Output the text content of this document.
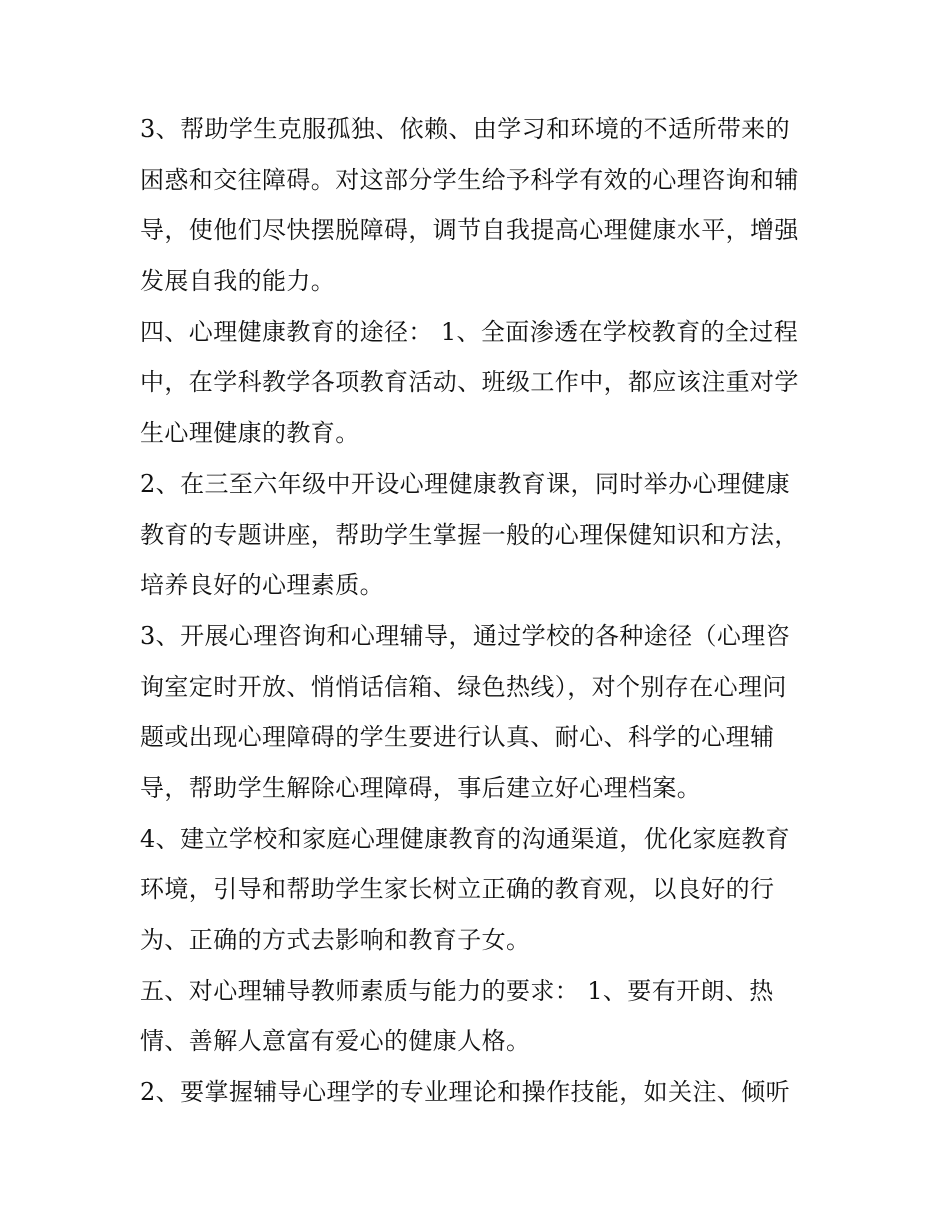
3、帮助学生克服孤独、依赖、由学习和环境的不适所带来的
困惑和交往障碍。对这部分学生给予科学有效的心理咨询和辅
导，使他们尽快摆脱障碍，调节自我提高心理健康水平，增强
发展自我的能力。
四、心理健康教育的途径： 1、全面渗透在学校教育的全过程
中，在学科教学各项教育活动、班级工作中，都应该注重对学
生心理健康的教育。
2、在三至六年级中开设心理健康教育课，同时举办心理健康
教育的专题讲座，帮助学生掌握一般的心理保健知识和方法，
培养良好的心理素质。
3、开展心理咨询和心理辅导，通过学校的各种途径（心理咨
询室定时开放、悄悄话信箱、绿色热线），对个别存在心理问
题或出现心理障碍的学生要进行认真、耐心、科学的心理辅
导，帮助学生解除心理障碍，事后建立好心理档案。
4、建立学校和家庭心理健康教育的沟通渠道，优化家庭教育
环境，引导和帮助学生家长树立正确的教育观，以良好的行
为、正确的方式去影响和教育子女。
五、对心理辅导教师素质与能力的要求： 1、要有开朗、热
情、善解人意富有爱心的健康人格。
2、要掌握辅导心理学的专业理论和操作技能，如关注、倾听
